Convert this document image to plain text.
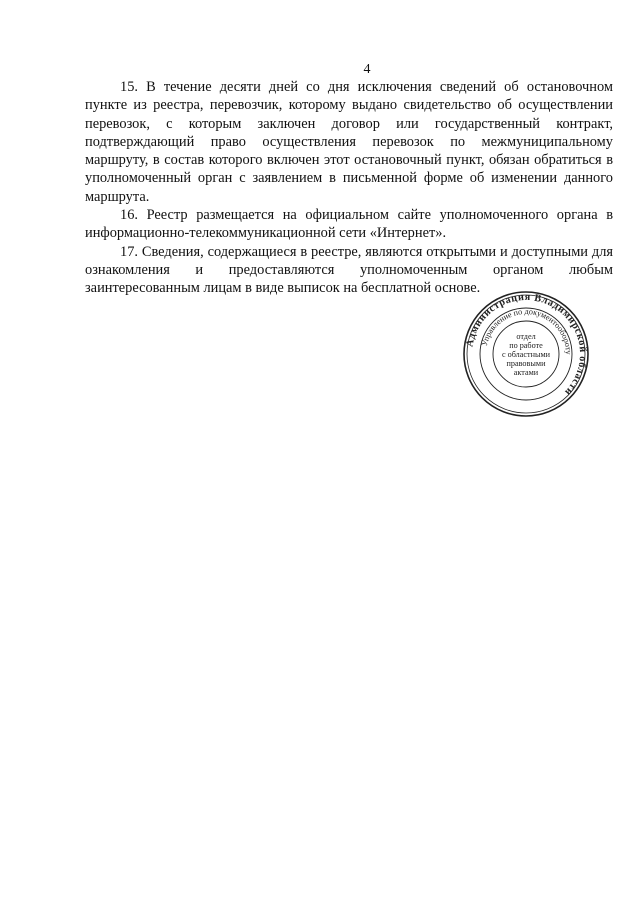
4

15. В течение десяти дней со дня исключения сведений об остановочном пункте из реестра, перевозчик, которому выдано свидетельство об осуществлении перевозок, с которым заключен договор или государственный контракт, подтверждающий право осуществления перевозок по межмуниципальному маршруту, в состав которого включен этот остановочный пункт, обязан обратиться в уполномоченный орган с заявлением в письменной форме об изменении данного маршрута.

16. Реестр размещается на официальном сайте уполномоченного органа в информационно-телекоммуникационной сети «Интернет».

17. Сведения, содержащиеся в реестре, являются открытыми и доступными для ознакомления и предоставляются уполномоченным органом любым заинтересованным лицам в виде выписок на бесплатной основе.

Администрация Владимирской области
Управление по документообороту
отдел
по работе
с областными
правовыми
актами
